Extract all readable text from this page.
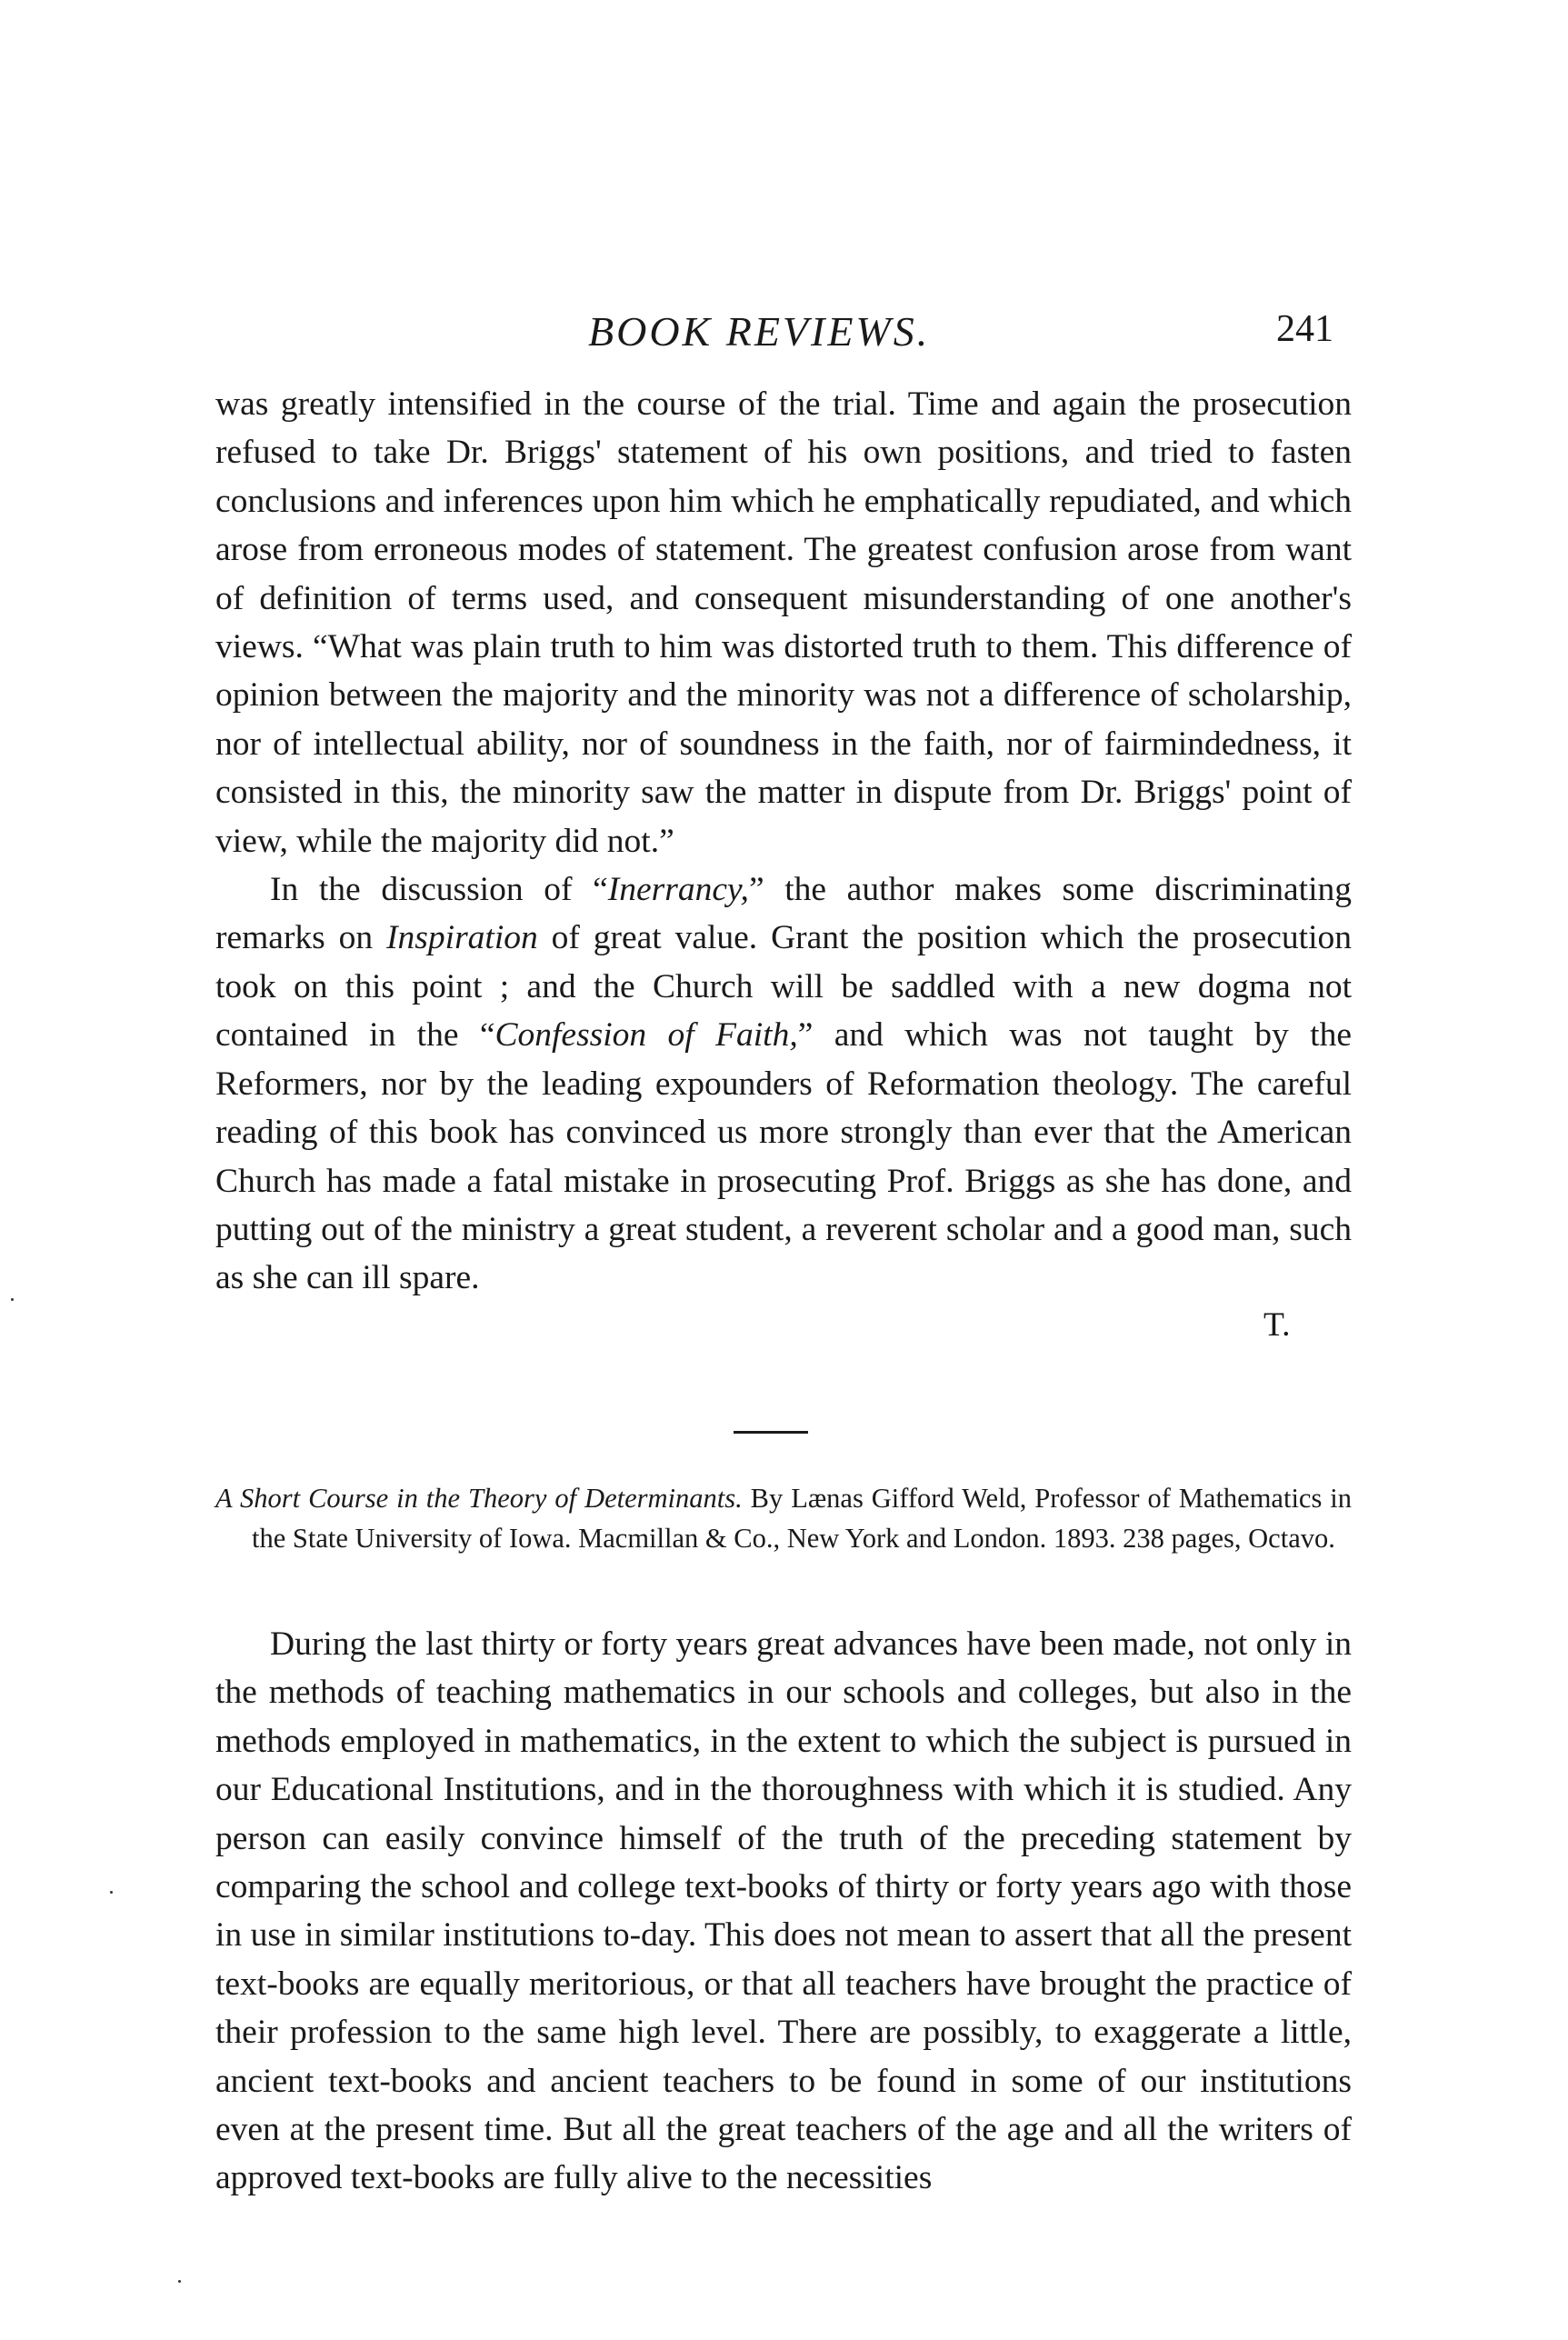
BOOK REVIEWS.	241

was greatly intensified in the course of the trial. Time and again the prosecution refused to take Dr. Briggs' statement of his own positions, and tried to fasten conclusions and inferences upon him which he emphatically repudiated, and which arose from erroneous modes of statement. The greatest confusion arose from want of definition of terms used, and consequent misunderstanding of one another's views. “What was plain truth to him was distorted truth to them. This difference of opinion between the majority and the minority was not a difference of scholarship, nor of intellectual ability, nor of soundness in the faith, nor of fairmindedness, it consisted in this, the minority saw the matter in dispute from Dr. Briggs' point of view, while the majority did not.”

In the discussion of “Inerrancy,” the author makes some discriminating remarks on Inspiration of great value. Grant the position which the prosecution took on this point ; and the Church will be saddled with a new dogma not contained in the “Confession of Faith,” and which was not taught by the Reformers, nor by the leading expounders of Reformation theology. The careful reading of this book has convinced us more strongly than ever that the American Church has made a fatal mistake in prosecuting Prof. Briggs as she has done, and putting out of the ministry a great student, a reverent scholar and a good man, such as she can ill spare.

T.
A Short Course in the Theory of Determinants. By Lænas Gifford Weld, Professor of Mathematics in the State University of Iowa. Macmillan & Co., New York and London. 1893. 238 pages, Octavo.

During the last thirty or forty years great advances have been made, not only in the methods of teaching mathematics in our schools and colleges, but also in the methods employed in mathematics, in the extent to which the subject is pursued in our Educational Institutions, and in the thoroughness with which it is studied. Any person can easily convince himself of the truth of the preceding statement by comparing the school and college text-books of thirty or forty years ago with those in use in similar institutions to-day. This does not mean to assert that all the present text-books are equally meritorious, or that all teachers have brought the practice of their profession to the same high level. There are possibly, to exaggerate a little, ancient text-books and ancient teachers to be found in some of our institutions even at the present time. But all the great teachers of the age and all the writers of approved text-books are fully alive to the necessities
